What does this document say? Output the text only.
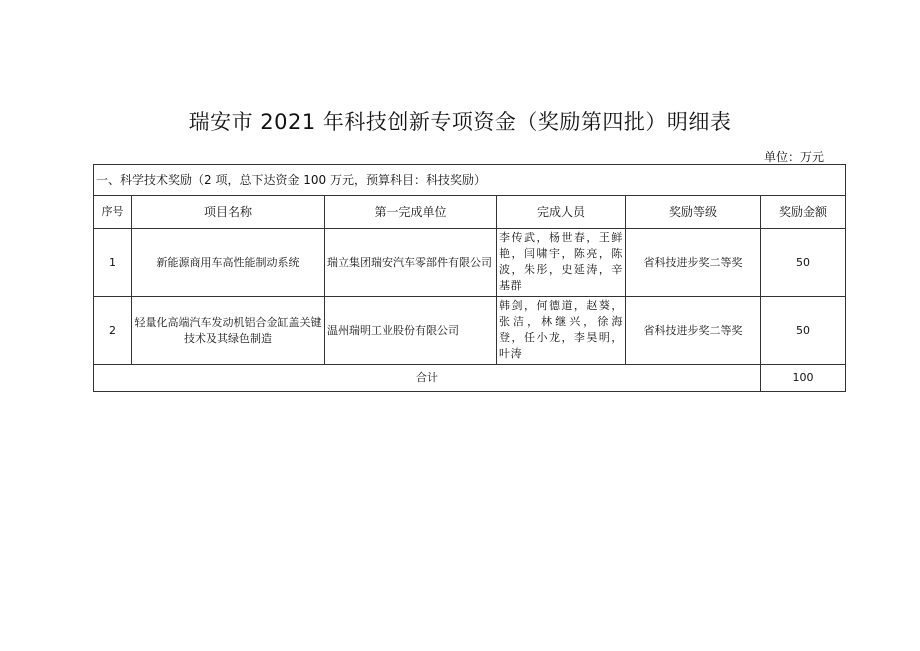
瑞安市 2021 年科技创新专项资金（奖励第四批）明细表
单位：万元
一、科学技术奖励（2 项，总下达资金 100 万元，预算科目：科技奖励）					
序号	项目名称	第一完成单位	完成人员	奖励等级	奖励金额
1	新能源商用车高性能制动系统	瑞立集团瑞安汽车零部件有限公司	李传武，杨世春，王鲜艳，闫啸宇，陈亮，陈波，朱彤，史延涛，辛基群	省科技进步奖二等奖	50
2	轻量化高端汽车发动机铝合金缸盖关键技术及其绿色制造	温州瑞明工业股份有限公司	韩剑，何德道，赵葵，张洁，林继兴，徐海登，任小龙，李昊明，叶涛	省科技进步奖二等奖	50
合计					100
